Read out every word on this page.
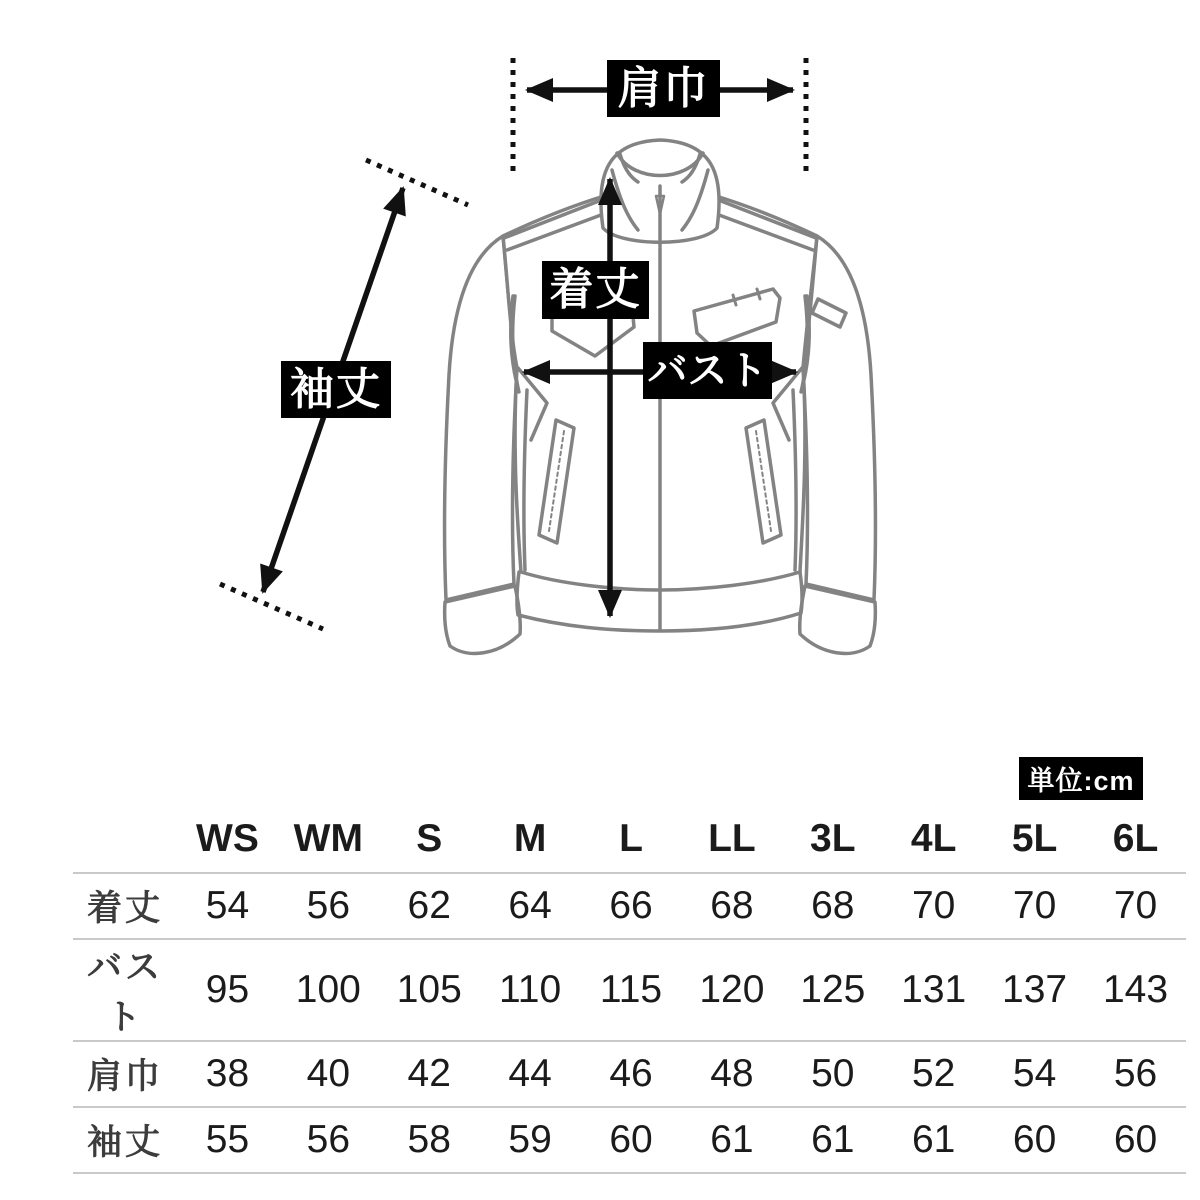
肩巾
着丈
バスト
袖丈
単位:cm
	WS	WM	S	M	L	LL	3L	4L	5L	6L
着丈	54	56	62	64	66	68	68	70	70	70
バスト	95	100	105	110	115	120	125	131	137	143
肩巾	38	40	42	44	46	48	50	52	54	56
袖丈	55	56	58	59	60	61	61	61	60	60
